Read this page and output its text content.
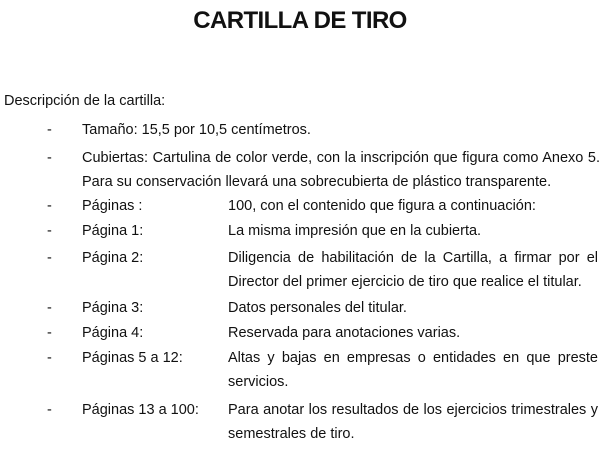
CARTILLA DE TIRO
Descripción de la cartilla:
- Tamaño: 15,5 por 10,5 centímetros.
- Cubiertas: Cartulina de color verde, con la inscripción que figura como Anexo 5.
Para su conservación llevará una sobrecubierta de plástico transparente.
- Páginas :	100, con el contenido que figura a continuación:
- Página 1:	La misma impresión que en la cubierta.
- Página 2:	Diligencia de habilitación de la Cartilla, a firmar por el
Director del primer ejercicio de tiro que realice el titular.
- Página 3:	Datos personales del titular.
- Página 4:	Reservada para anotaciones varias.
- Páginas 5 a 12:	Altas y bajas en empresas o entidades en que preste
servicios.
- Páginas 13 a 100: Para anotar los resultados de los ejercicios trimestrales y
semestrales de tiro.
